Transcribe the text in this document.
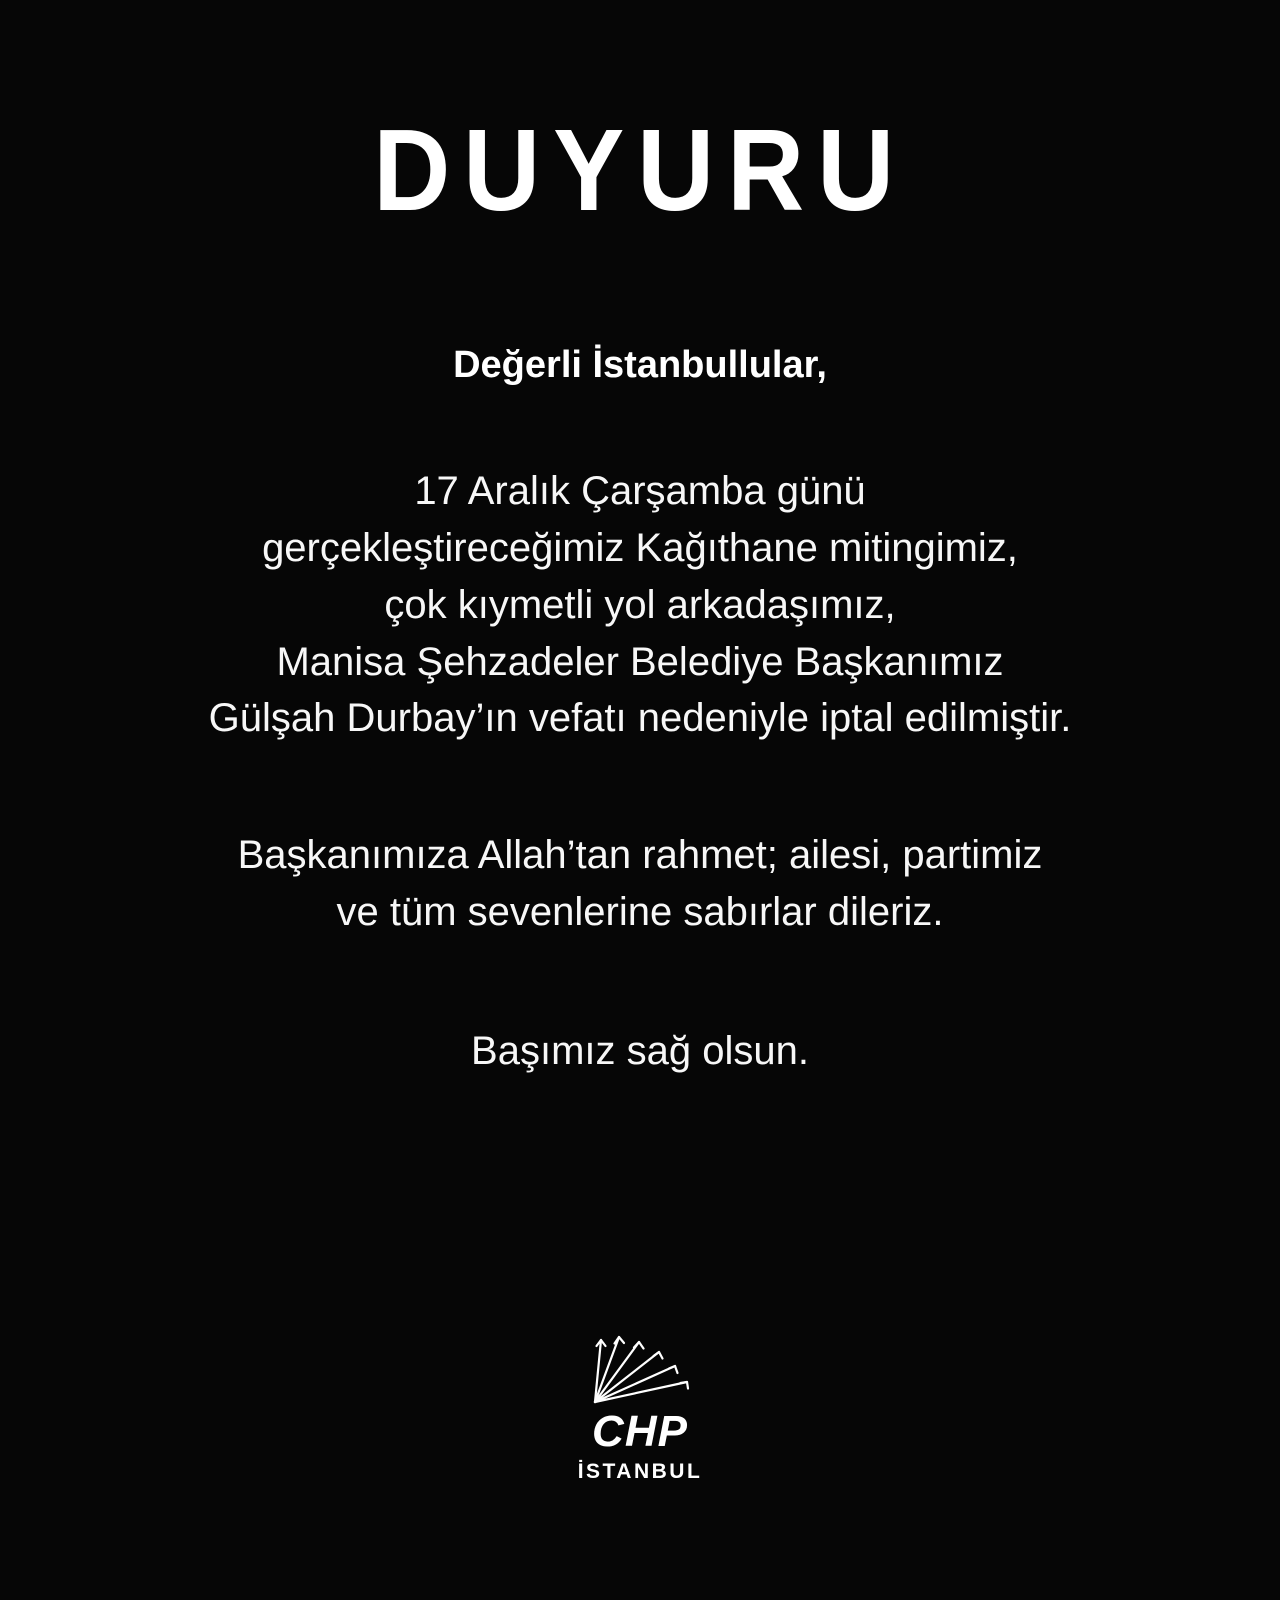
DUYURU
Değerli İstanbullular,
17 Aralık Çarşamba günü
gerçekleştireceğimiz Kağıthane mitingimiz,
çok kıymetli yol arkadaşımız,
Manisa Şehzadeler Belediye Başkanımız
Gülşah Durbay’ın vefatı nedeniyle iptal edilmiştir.
Başkanımıza Allah’tan rahmet; ailesi, partimiz
ve tüm sevenlerine sabırlar dileriz.
Başımız sağ olsun.
CHP
İSTANBUL
